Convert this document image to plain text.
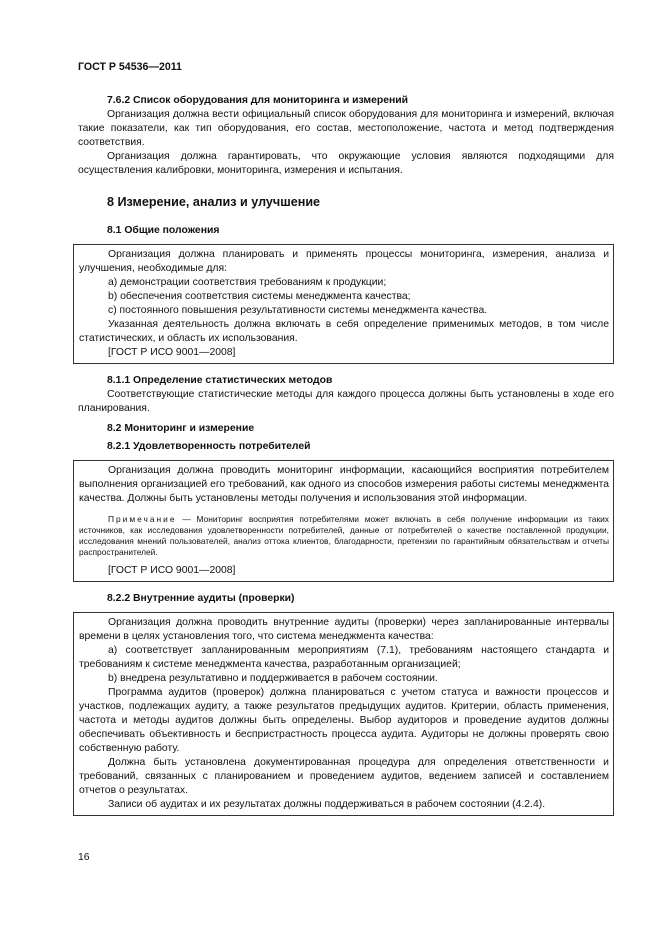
ГОСТ Р 54536—2011
7.6.2 Список оборудования для мониторинга и измерений

Организация должна вести официальный список оборудования для мониторинга и измерений, включая такие показатели, как тип оборудования, его состав, местоположение, частота и метод подтверждения соответствия.

Организация должна гарантировать, что окружающие условия являются подходящими для осуществления калибровки, мониторинга, измерения и испытания.

8 Измерение, анализ и улучшение
8.1 Общие положения

Организация должна планировать и применять процессы мониторинга, измерения, анализа и улучшения, необходимые для:

a) демонстрации соответствия требованиям к продукции;

b) обеспечения соответствия системы менеджмента качества;

c) постоянного повышения результативности системы менеджмента качества.

Указанная деятельность должна включать в себя определение применимых методов, в том числе статистических, и область их использования.

[ГОСТ Р ИСО 9001—2008]

8.1.1 Определение статистических методов

Соответствующие статистические методы для каждого процесса должны быть установлены в ходе его планирования.

8.2 Мониторинг и измерение
8.2.1 Удовлетворенность потребителей

Организация должна проводить мониторинг информации, касающийся восприятия потребителем выполнения организацией его требований, как одного из способов измерения работы системы менеджмента качества. Должны быть установлены методы получения и использования этой информации.

Примечание — Мониторинг восприятия потребителями может включать в себя получение информации из таких источников, как исследования удовлетворенности потребителей, данные от потребителей о качестве поставленной продукции, исследования мнений пользователей, анализ оттока клиентов, благодарности, претензии по гарантийным обязательствам и отчеты распространителей.

[ГОСТ Р ИСО 9001—2008]

8.2.2 Внутренние аудиты (проверки)

Организация должна проводить внутренние аудиты (проверки) через запланированные интервалы времени в целях установления того, что система менеджмента качества:

a) соответствует запланированным мероприятиям (7.1), требованиям настоящего стандарта и требованиям к системе менеджмента качества, разработанным организацией;

b) внедрена результативно и поддерживается в рабочем состоянии.

Программа аудитов (проверок) должна планироваться с учетом статуса и важности процессов и участков, подлежащих аудиту, а также результатов предыдущих аудитов. Критерии, область применения, частота и методы аудитов должны быть определены. Выбор аудиторов и проведение аудитов должны обеспечивать объективность и беспристрастность процесса аудита. Аудиторы не должны проверять свою собственную работу.

Должна быть установлена документированная процедура для определения ответственности и требований, связанных с планированием и проведением аудитов, ведением записей и составлением отчетов о результатах.

Записи об аудитах и их результатах должны поддерживаться в рабочем состоянии (4.2.4).

16
